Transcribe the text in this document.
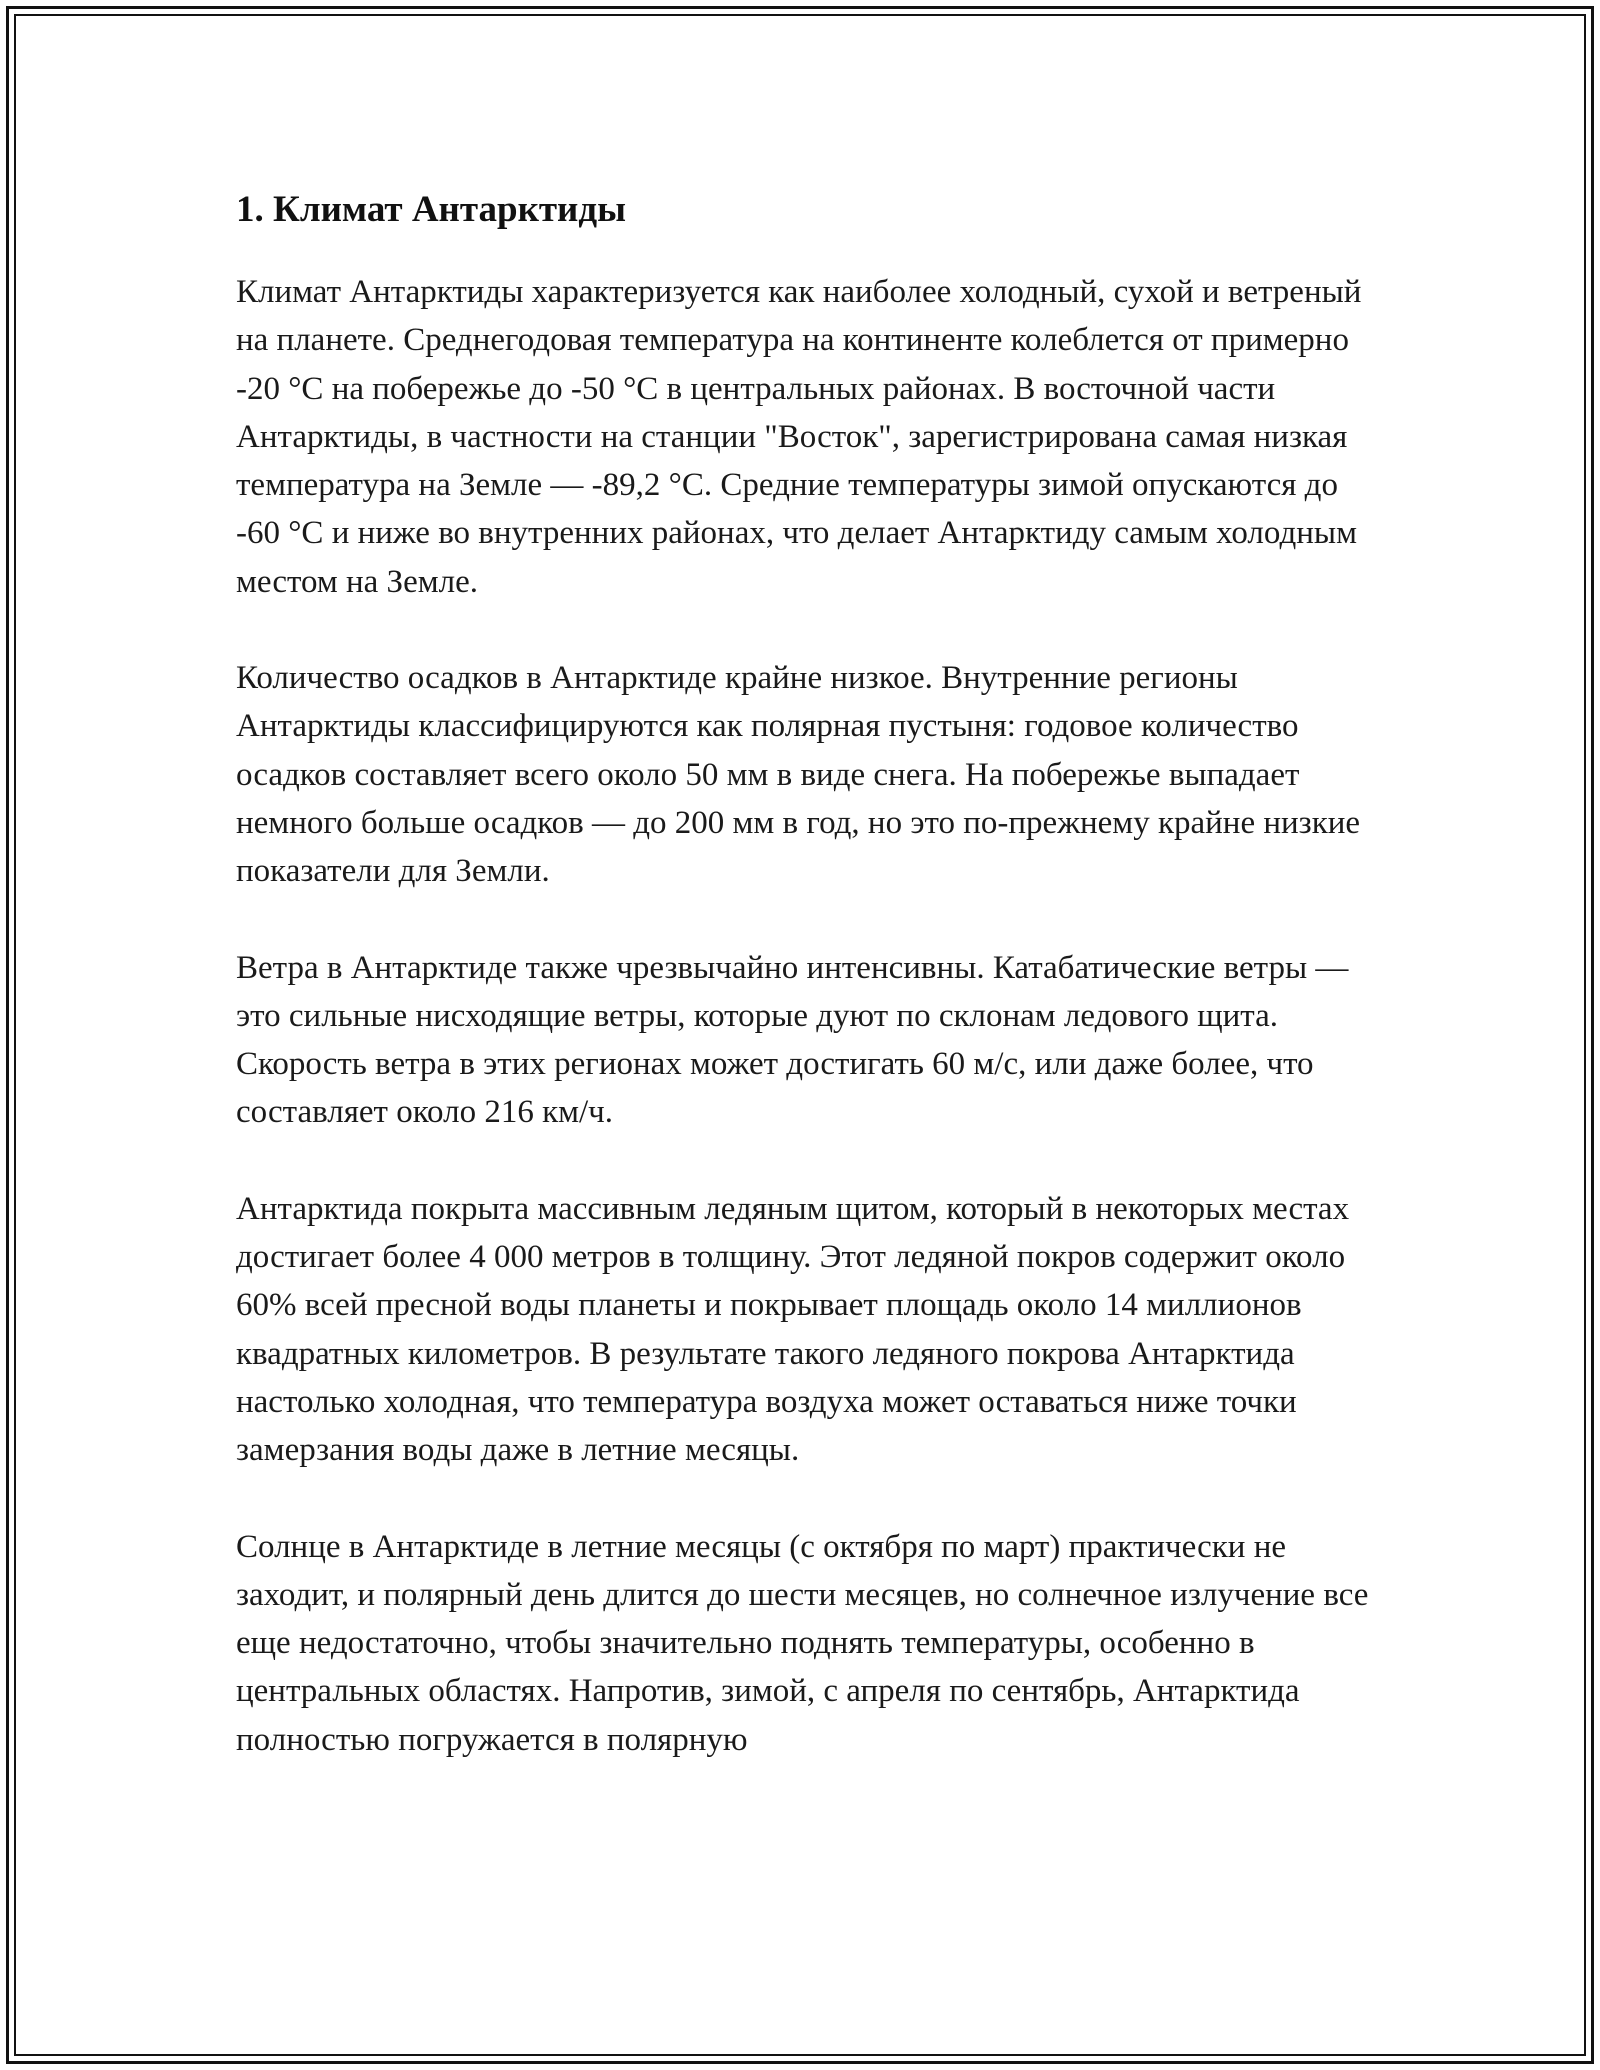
1. Климат Антарктиды

Климат Антарктиды характеризуется как наиболее холодный, сухой и ветреный на планете. Среднегодовая температура на континенте колеблется от примерно -20 °C на побережье до -50 °C в центральных районах. В восточной части Антарктиды, в частности на станции "Восток", зарегистрирована самая низкая температура на Земле — -89,2 °C. Средние температуры зимой опускаются до -60 °C и ниже во внутренних районах, что делает Антарктиду самым холодным местом на Земле.

Количество осадков в Антарктиде крайне низкое. Внутренние регионы Антарктиды классифицируются как полярная пустыня: годовое количество осадков составляет всего около 50 мм в виде снега. На побережье выпадает немного больше осадков — до 200 мм в год, но это по-прежнему крайне низкие показатели для Земли.

Ветра в Антарктиде также чрезвычайно интенсивны. Катабатические ветры — это сильные нисходящие ветры, которые дуют по склонам ледового щита. Скорость ветра в этих регионах может достигать 60 м/с, или даже более, что составляет около 216 км/ч.

Антарктида покрыта массивным ледяным щитом, который в некоторых местах достигает более 4 000 метров в толщину. Этот ледяной покров содержит около 60% всей пресной воды планеты и покрывает площадь около 14 миллионов квадратных километров. В результате такого ледяного покрова Антарктида настолько холодная, что температура воздуха может оставаться ниже точки замерзания воды даже в летние месяцы.

Солнце в Антарктиде в летние месяцы (с октября по март) практически не заходит, и полярный день длится до шести месяцев, но солнечное излучение все еще недостаточно, чтобы значительно поднять температуры, особенно в центральных областях. Напротив, зимой, с апреля по сентябрь, Антарктида полностью погружается в полярную
